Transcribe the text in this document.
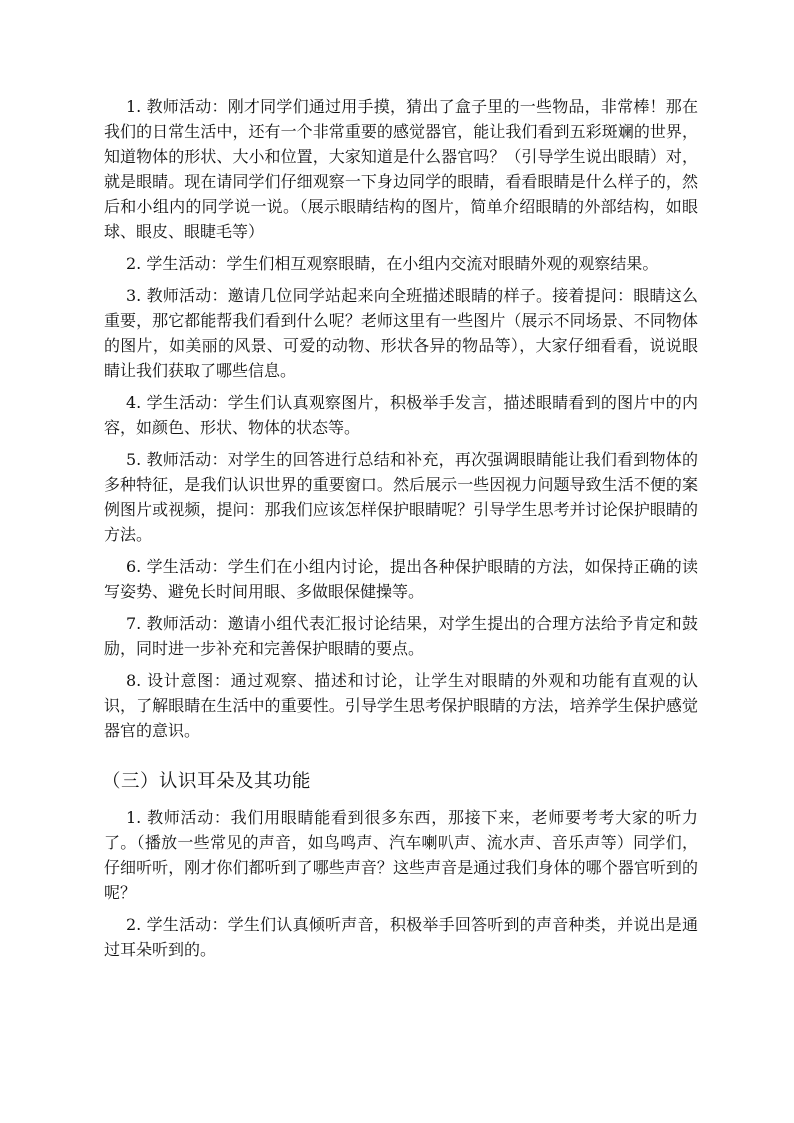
1. 教师活动：刚才同学们通过用手摸，猜出了盒子里的一些物品，非常棒！那在我们的日常生活中，还有一个非常重要的感觉器官，能让我们看到五彩斑斓的世界，知道物体的形状、大小和位置，大家知道是什么器官吗？（引导学生说出眼睛）对，就是眼睛。现在请同学们仔细观察一下身边同学的眼睛，看看眼睛是什么样子的，然后和小组内的同学说一说。（展示眼睛结构的图片，简单介绍眼睛的外部结构，如眼球、眼皮、眼睫毛等）

2. 学生活动：学生们相互观察眼睛，在小组内交流对眼睛外观的观察结果。

3. 教师活动：邀请几位同学站起来向全班描述眼睛的样子。接着提问：眼睛这么重要，那它都能帮我们看到什么呢？老师这里有一些图片（展示不同场景、不同物体的图片，如美丽的风景、可爱的动物、形状各异的物品等），大家仔细看看，说说眼睛让我们获取了哪些信息。

4. 学生活动：学生们认真观察图片，积极举手发言，描述眼睛看到的图片中的内容，如颜色、形状、物体的状态等。

5. 教师活动：对学生的回答进行总结和补充，再次强调眼睛能让我们看到物体的多种特征，是我们认识世界的重要窗口。然后展示一些因视力问题导致生活不便的案例图片或视频，提问：那我们应该怎样保护眼睛呢？引导学生思考并讨论保护眼睛的方法。

6. 学生活动：学生们在小组内讨论，提出各种保护眼睛的方法，如保持正确的读写姿势、避免长时间用眼、多做眼保健操等。

7. 教师活动：邀请小组代表汇报讨论结果，对学生提出的合理方法给予肯定和鼓励，同时进一步补充和完善保护眼睛的要点。

8. 设计意图：通过观察、描述和讨论，让学生对眼睛的外观和功能有直观的认识，了解眼睛在生活中的重要性。引导学生思考保护眼睛的方法，培养学生保护感觉器官的意识。

（三）认识耳朵及其功能

1. 教师活动：我们用眼睛能看到很多东西，那接下来，老师要考考大家的听力了。（播放一些常见的声音，如鸟鸣声、汽车喇叭声、流水声、音乐声等）同学们，仔细听听，刚才你们都听到了哪些声音？这些声音是通过我们身体的哪个器官听到的呢？

2. 学生活动：学生们认真倾听声音，积极举手回答听到的声音种类，并说出是通过耳朵听到的。
